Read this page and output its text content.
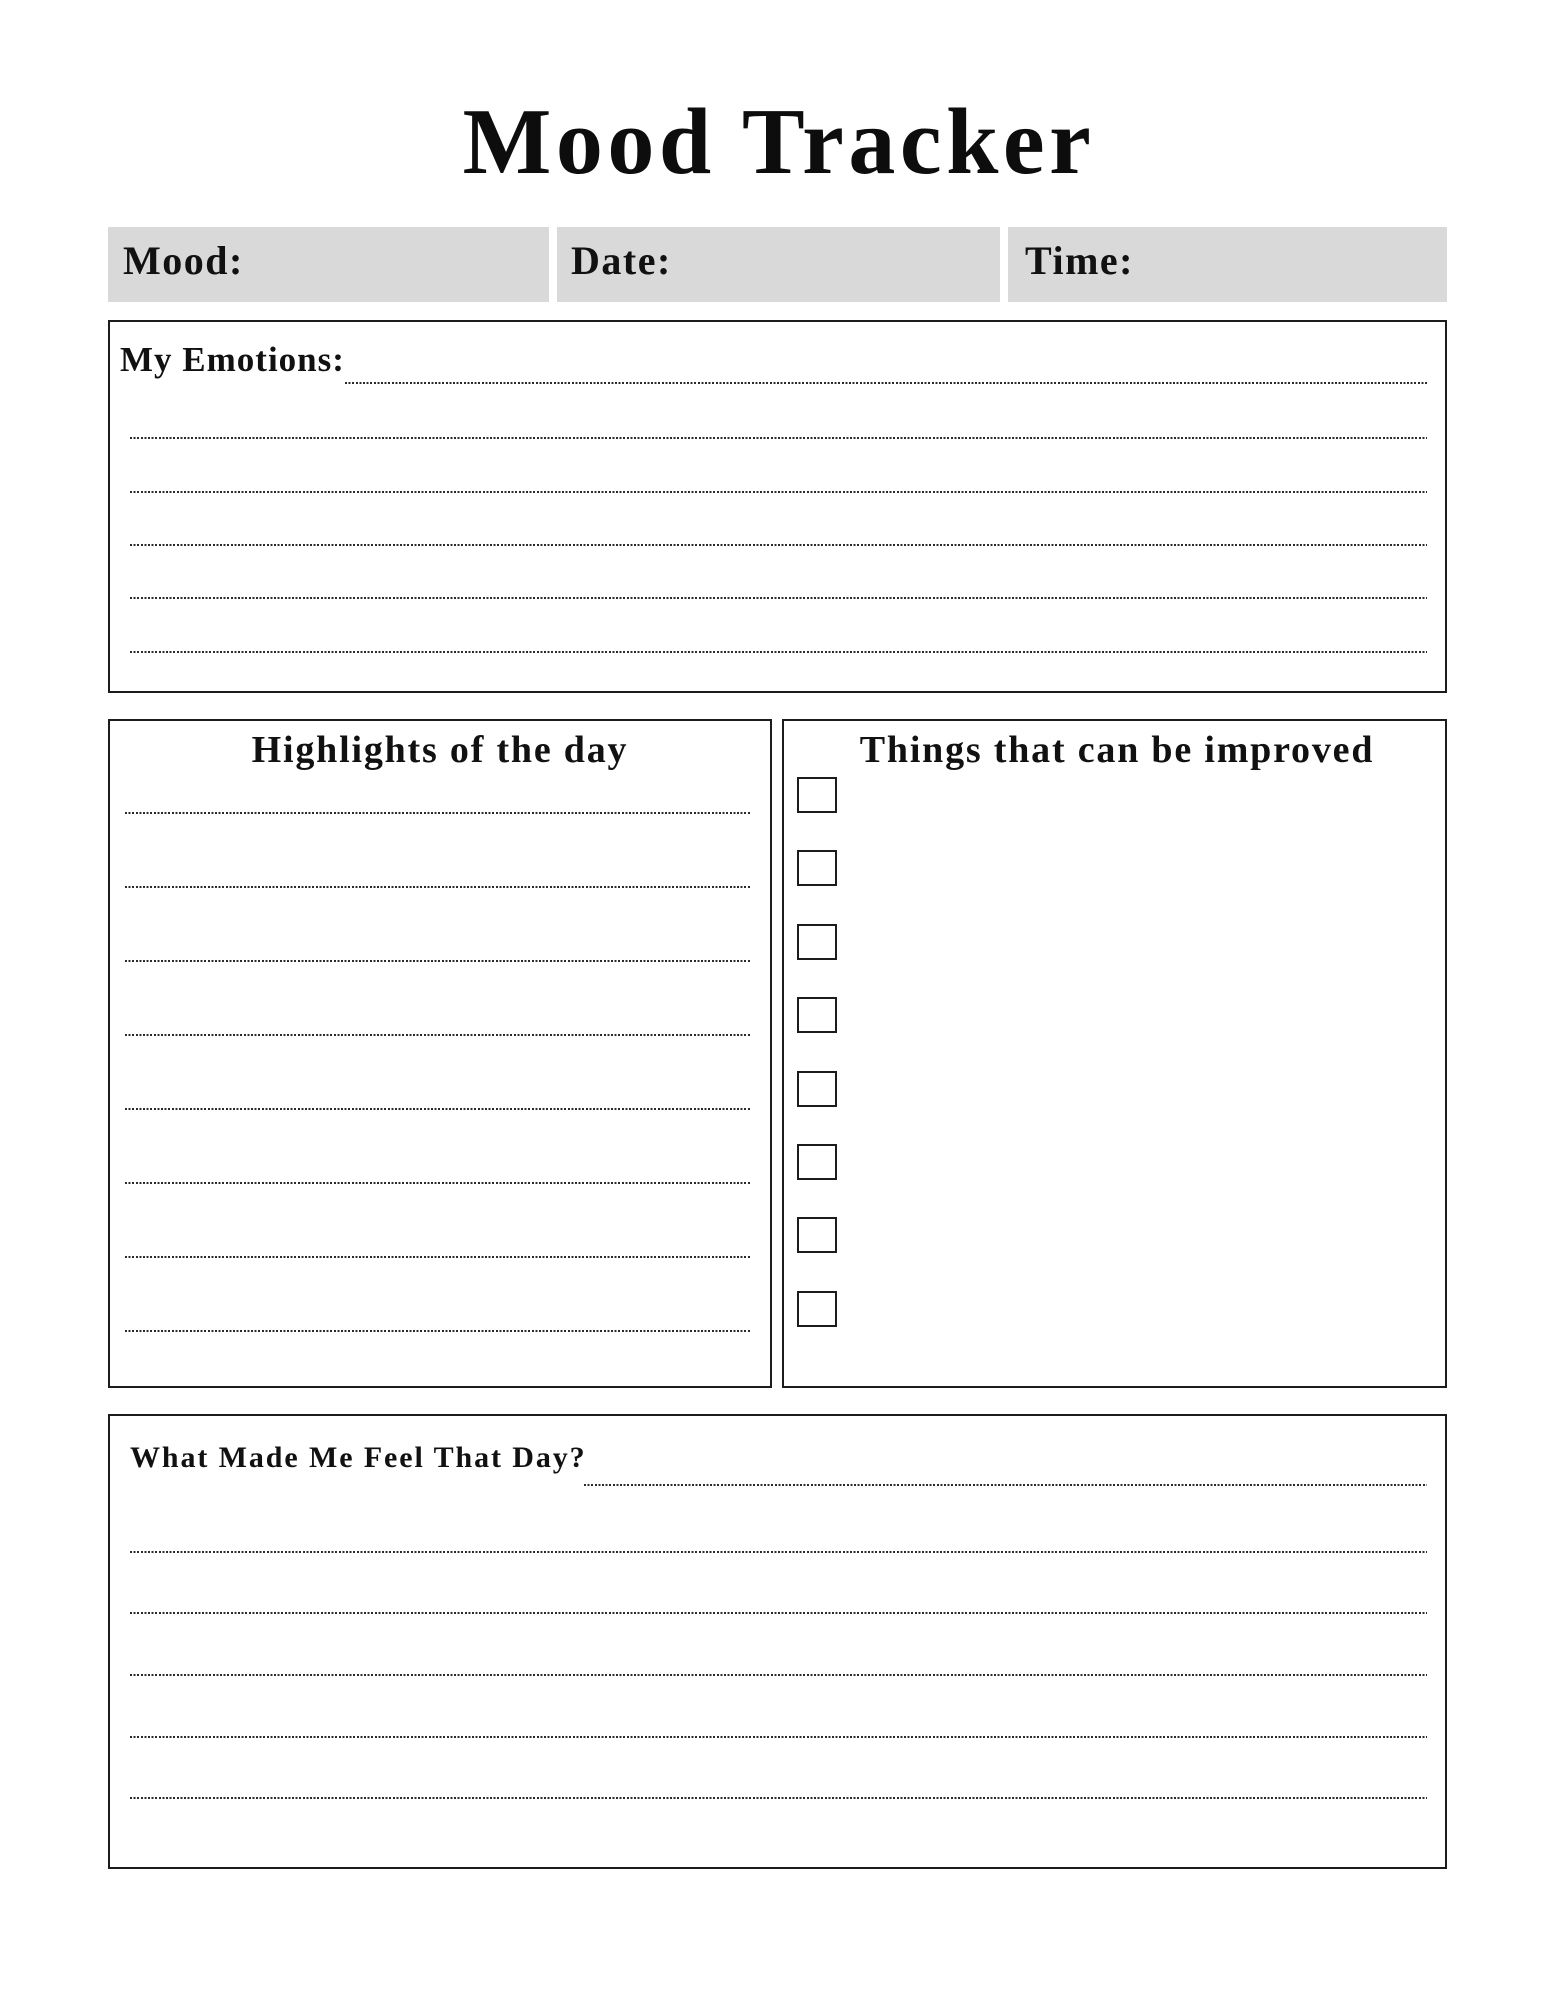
Mood Tracker
Mood:	Date:	Time:
My Emotions:
Highlights of the day	Things that can be improved
What Made Me Feel That Day?
